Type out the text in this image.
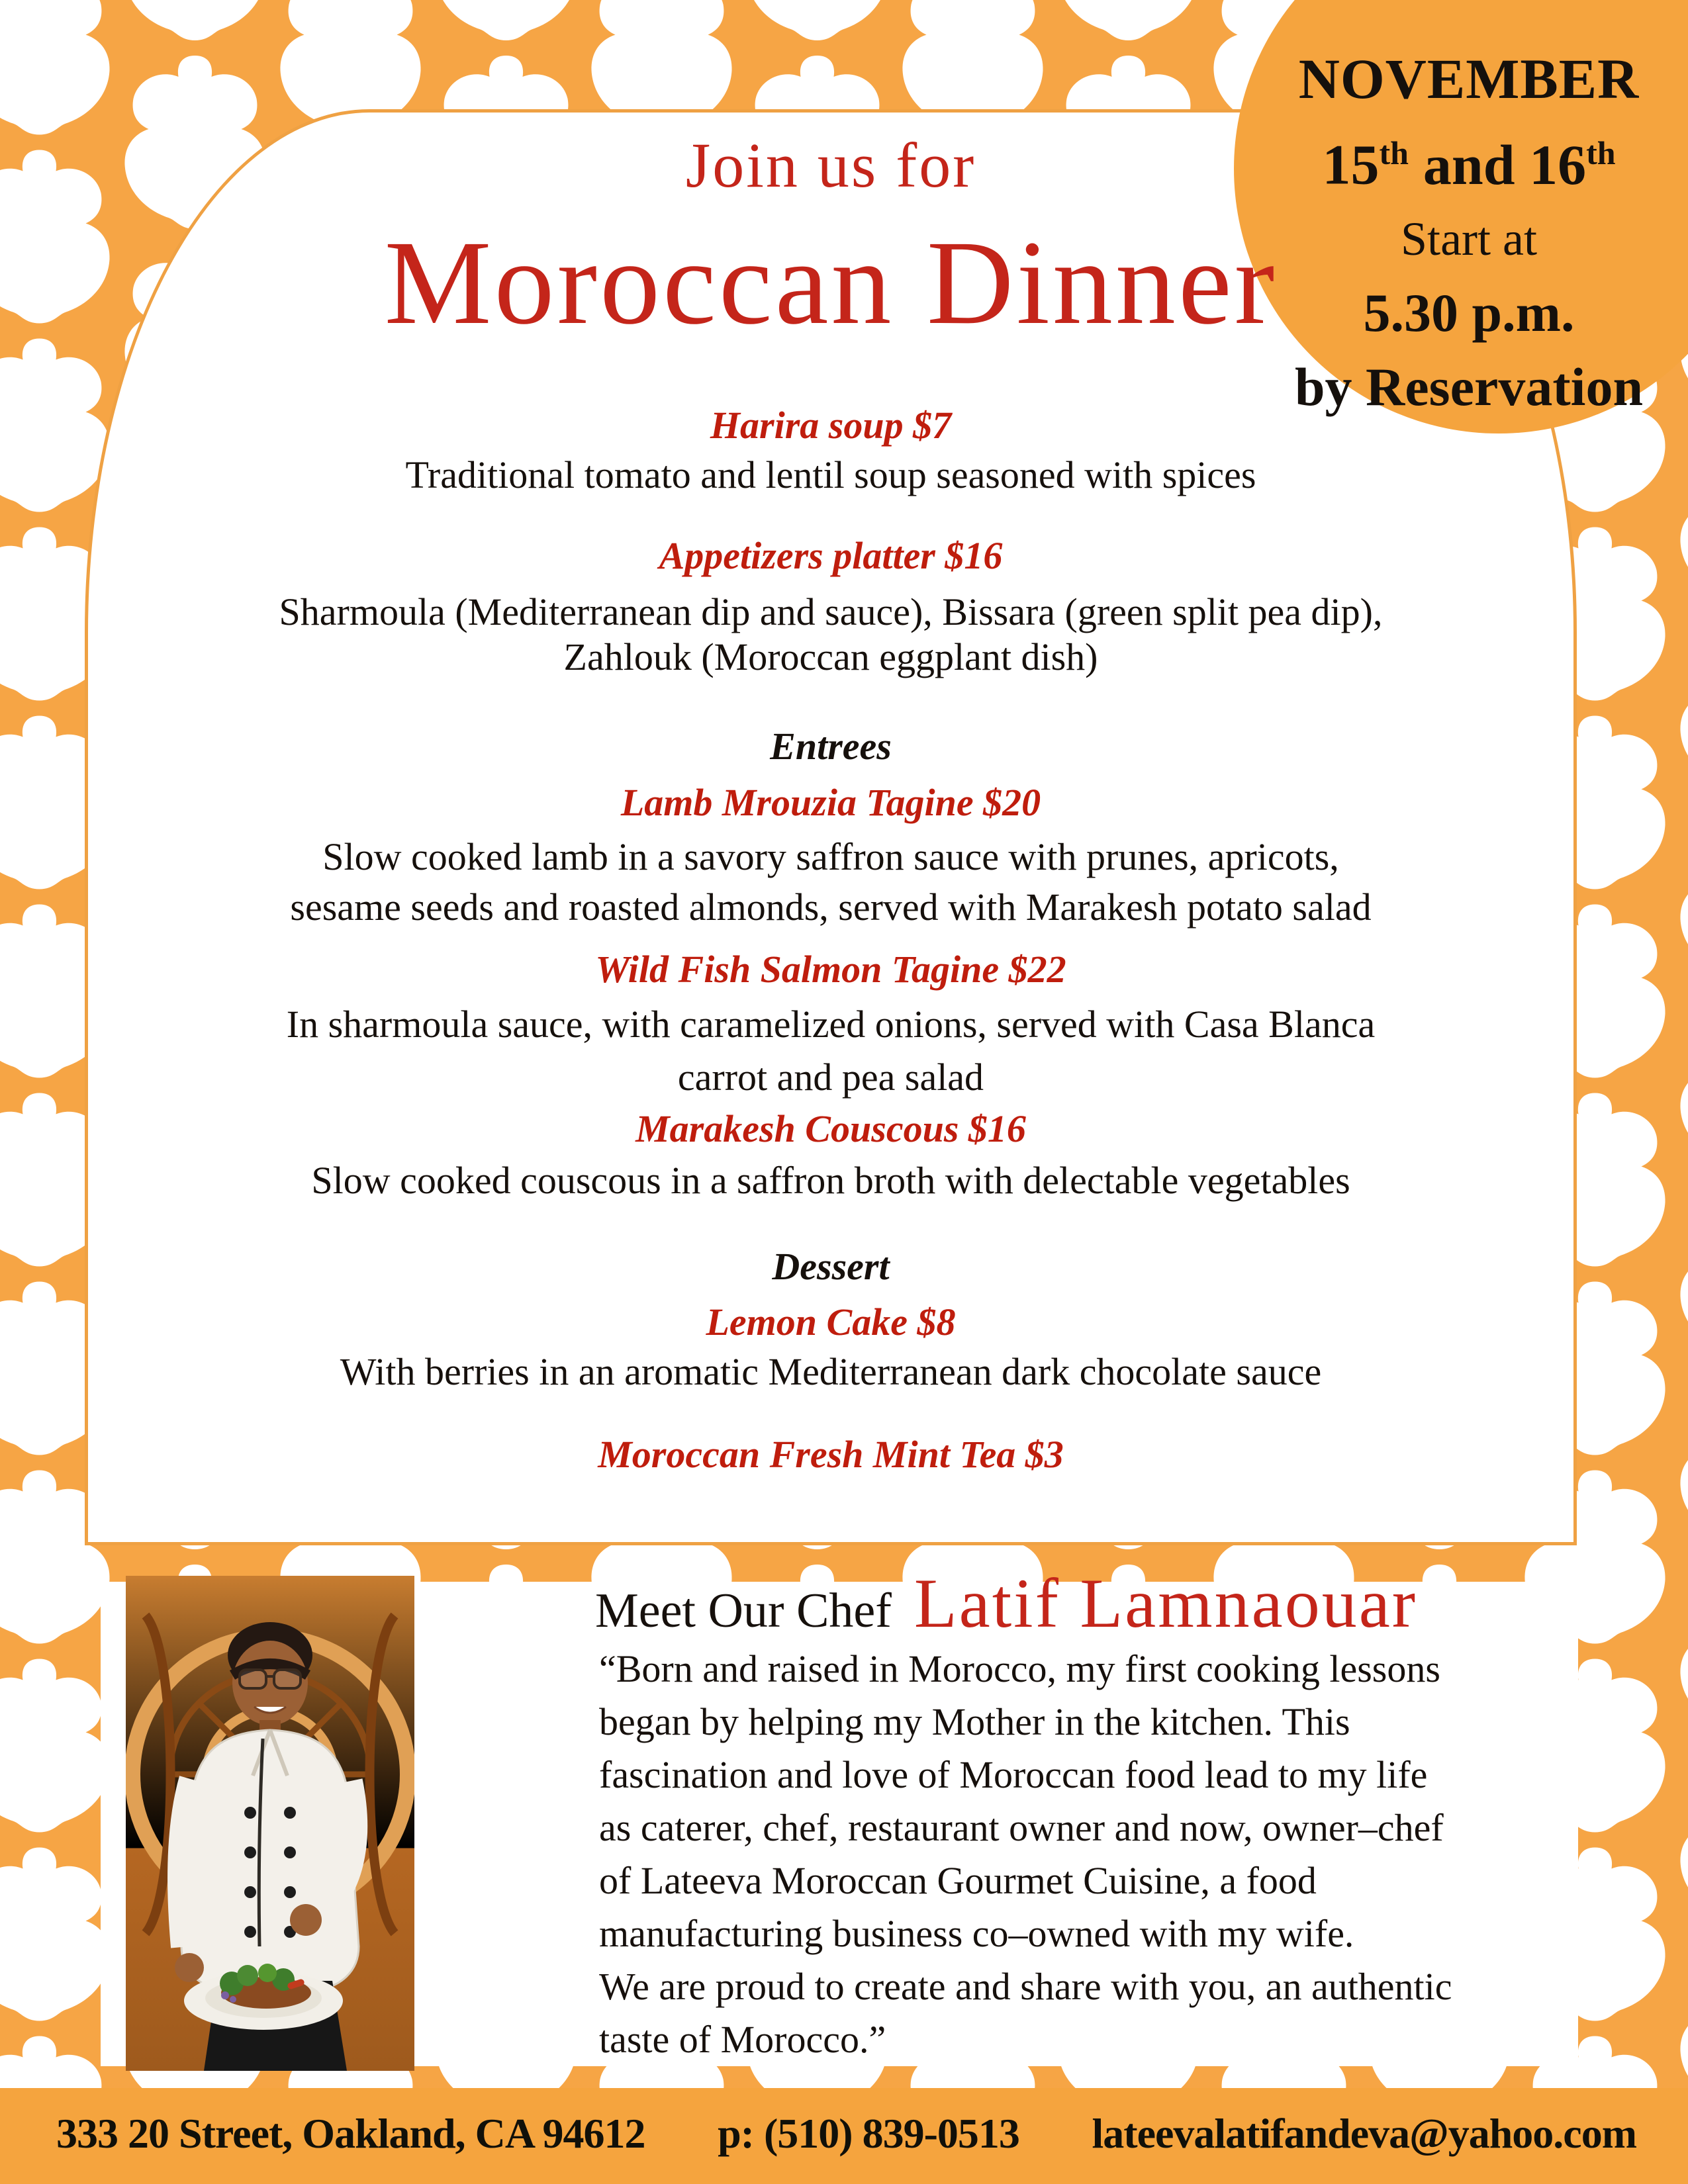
NOVEMBER
15th and 16th
Start at
5.30 p.m.
by Reservation
Join us for
Moroccan Dinner
Harira soup $7
Traditional tomato and lentil soup seasoned with spices
Appetizers platter $16
Sharmoula (Mediterranean dip and sauce), Bissara (green split pea dip),
Zahlouk (Moroccan eggplant dish)
Entrees
Lamb Mrouzia Tagine $20
Slow cooked lamb in a savory saffron sauce with prunes, apricots,
sesame seeds and roasted almonds, served with Marakesh potato salad
Wild Fish Salmon Tagine $22
In sharmoula sauce, with caramelized onions, served with Casa Blanca
carrot and pea salad
Marakesh Couscous $16
Slow cooked couscous in a saffron broth with delectable vegetables
Dessert
Lemon Cake $8
With berries in an aromatic Mediterranean dark chocolate sauce
Moroccan Fresh Mint Tea $3
Meet Our Chef Latif Lamnaouar
“Born and raised in Morocco, my first cooking lessons
began by helping my Mother in the kitchen. This
fascination and love of Moroccan food lead to my life
as caterer, chef, restaurant owner and now, owner–chef
of Lateeva Moroccan Gourmet Cuisine, a food
manufacturing business co–owned with my wife.
We are proud to create and share with you, an authentic
taste of Morocco.”
333 20 Street, Oakland, CA 94612 p: (510) 839-0513 lateevalatifandeva@yahoo.com
